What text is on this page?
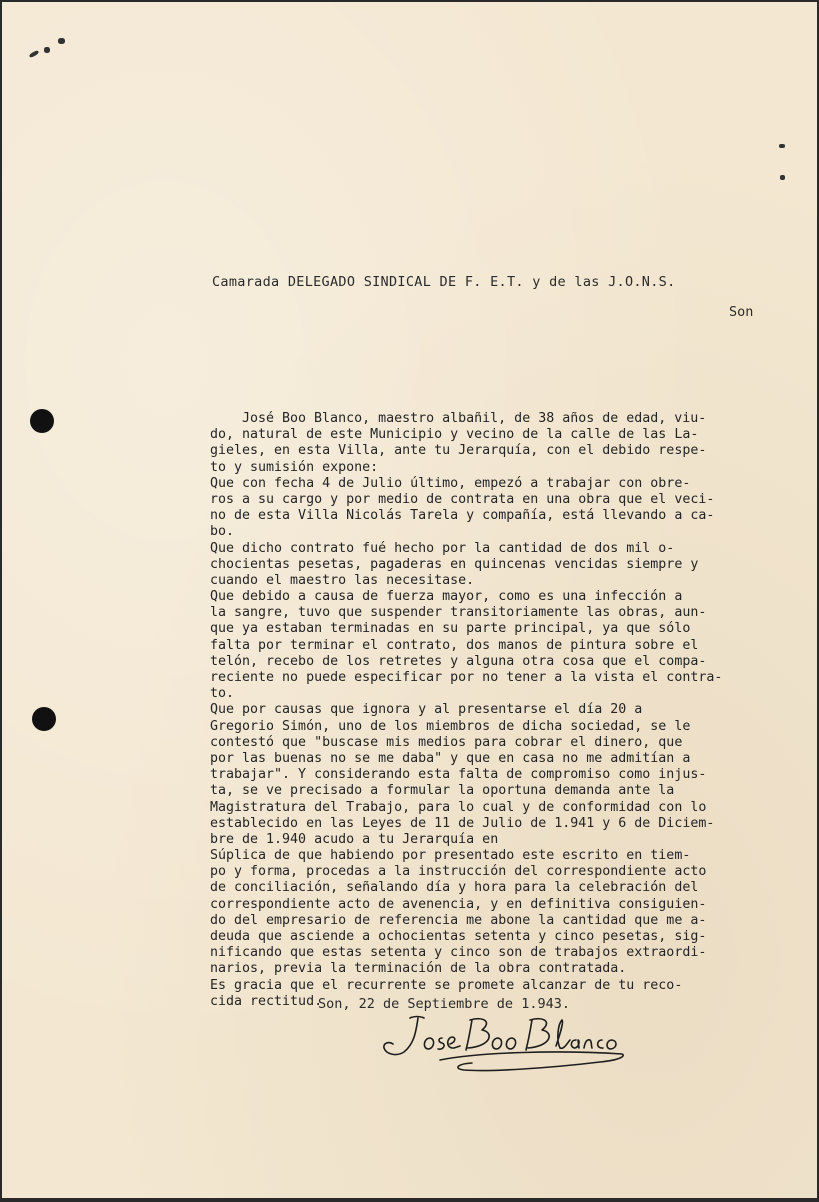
Camarada DELEGADO SINDICAL DE F. E.T. y de las J.O.N.S.
Son
José Boo Blanco, maestro albañil, de 38 años de edad, viu-
do, natural de este Municipio y vecino de la calle de las La-
gieles, en esta Villa, ante tu Jerarquía, con el debido respe-
to y sumisión expone:
Que con fecha 4 de Julio último, empezó a trabajar con obre-
ros a su cargo y por medio de contrata en una obra que el veci-
no de esta Villa Nicolás Tarela y compañía, está llevando a ca-
bo.
Que dicho contrato fué hecho por la cantidad de dos mil o-
chocientas pesetas, pagaderas en quincenas vencidas siempre y
cuando el maestro las necesitase.
Que debido a causa de fuerza mayor, como es una infección a
la sangre, tuvo que suspender transitoriamente las obras, aun-
que ya estaban terminadas en su parte principal, ya que sólo
falta por terminar el contrato, dos manos de pintura sobre el
telón, recebo de los retretes y alguna otra cosa que el compa-
reciente no puede especificar por no tener a la vista el contra-
to.
Que por causas que ignora y al presentarse el día 20 a
Gregorio Simón, uno de los miembros de dicha sociedad, se le
contestó que "buscase mis medios para cobrar el dinero, que
por las buenas no se me daba" y que en casa no me admitían a
trabajar". Y considerando esta falta de compromiso como injus-
ta, se ve precisado a formular la oportuna demanda ante la
Magistratura del Trabajo, para lo cual y de conformidad con lo
establecido en las Leyes de 11 de Julio de 1.941 y 6 de Diciem-
bre de 1.940 acudo a tu Jerarquía en
Súplica de que habiendo por presentado este escrito en tiem-
po y forma, procedas a la instrucción del correspondiente acto
de conciliación, señalando día y hora para la celebración del
correspondiente acto de avenencia, y en definitiva consiguien-
do del empresario de referencia me abone la cantidad que me a-
deuda que asciende a ochocientas setenta y cinco pesetas, sig-
nificando que estas setenta y cinco son de trabajos extraordi-
narios, previa la terminación de la obra contratada.
Es gracia que el recurrente se promete alcanzar de tu reco-
cida rectitud.
Son, 22 de Septiembre de 1.943.
